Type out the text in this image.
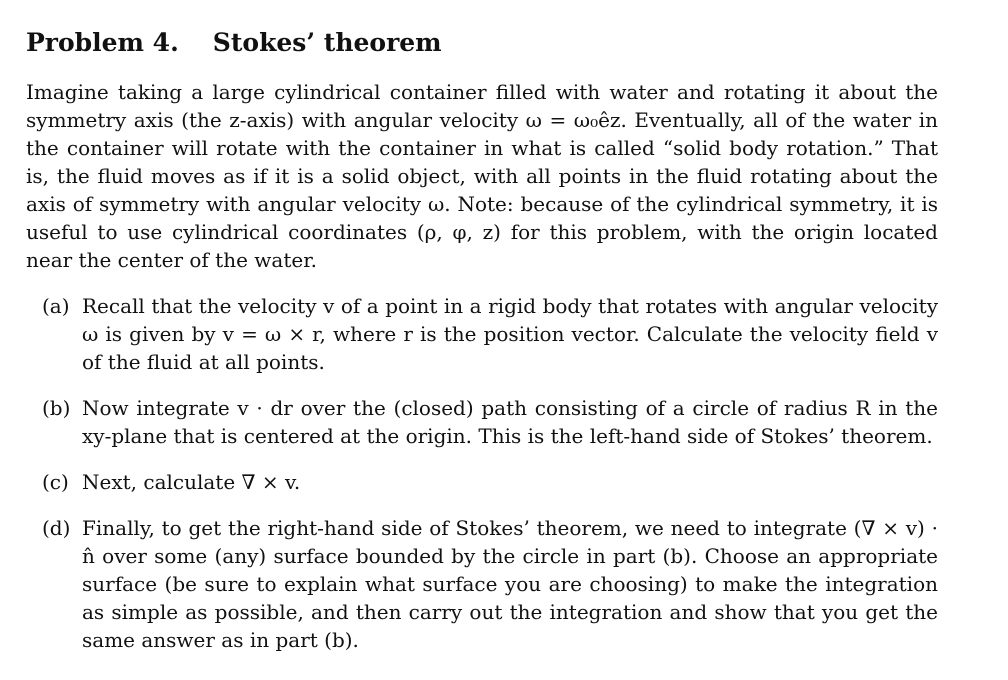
Problem 4. Stokes’ theorem

Imagine taking a large cylindrical container filled with water and rotating it about the symmetry axis (the z-axis) with angular velocity ω = ω₀êz. Eventually, all of the water in the container will rotate with the container in what is called “solid body rotation.” That is, the fluid moves as if it is a solid object, with all points in the fluid rotating about the axis of symmetry with angular velocity ω. Note: because of the cylindrical symmetry, it is useful to use cylindrical coordinates (ρ, φ, z) for this problem, with the origin located near the center of the water.

(a) Recall that the velocity v of a point in a rigid body that rotates with angular velocity ω is given by v = ω × r, where r is the position vector. Calculate the velocity field v of the fluid at all points.
(b) Now integrate v · dr over the (closed) path consisting of a circle of radius R in the xy-plane that is centered at the origin. This is the left-hand side of Stokes’ theorem.
(c) Next, calculate ∇ × v.
(d) Finally, to get the right-hand side of Stokes’ theorem, we need to integrate (∇ × v) · n̂ over some (any) surface bounded by the circle in part (b). Choose an appropriate surface (be sure to explain what surface you are choosing) to make the integration as simple as possible, and then carry out the integration and show that you get the same answer as in part (b).
